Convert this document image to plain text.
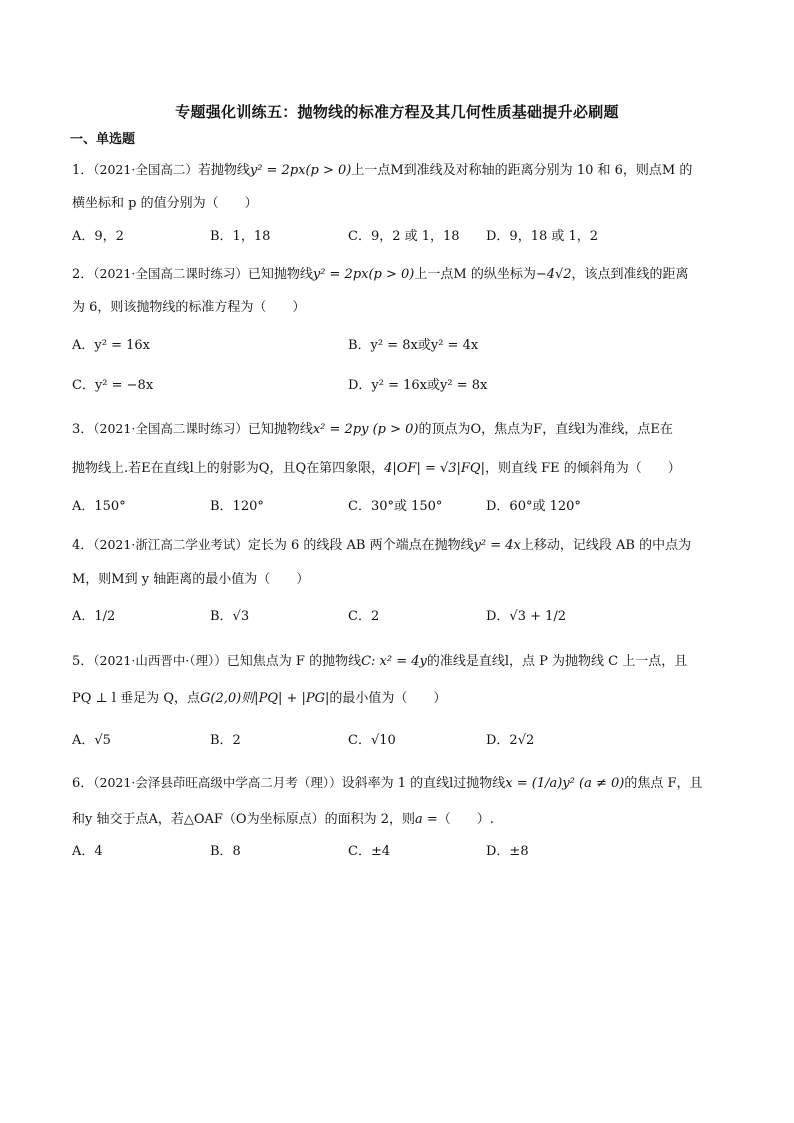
专题强化训练五：抛物线的标准方程及其几何性质基础提升必刷题
一、单选题
1．（2021·全国高二）若抛物线y² = 2px(p > 0)上一点M到准线及对称轴的距离分别为 10 和 6，则点M 的
横坐标和 p 的值分别为（　　）
A．9，2	B．1，18	C．9，2 或 1，18 D．9，18 或 1，2
2．（2021·全国高二课时练习）已知抛物线y² = 2px(p > 0)上一点M 的纵坐标为−4√2，该点到准线的距离
为 6，则该抛物线的标准方程为（　　）
A．y² = 16x	B．y² = 8x或y² = 4x
C．y² = −8x	D．y² = 16x或y² = 8x
3．（2021·全国高二课时练习）已知抛物线x² = 2py (p > 0)的顶点为O，焦点为F，直线l为准线，点E在
抛物线上.若E在直线l上的射影为Q，且Q在第四象限，4|OF| = √3|FQ|，则直线 FE 的倾斜角为（　　）
A．150°	B．120°	C．30°或 150°	D．60°或 120°
4．（2021·浙江高二学业考试）定长为 6 的线段 AB 两个端点在抛物线y² = 4x上移动，记线段 AB 的中点为
M，则M到 y 轴距离的最小值为（　　）
A．1/2	B．√3	C．2	D．√3 + 1/2
5．（2021·山西晋中·（理））已知焦点为 F 的抛物线C: x² = 4y的准线是直线l，点 P 为抛物线 C 上一点，且
PQ ⊥ l 垂足为 Q，点G(2,0)则|PQ| + |PG|的最小值为（　　）
A．√5	B．2	C．√10	D．2√2
6．（2021·会泽县茚旺高级中学高二月考（理））设斜率为 1 的直线l过抛物线x = (1/a)y² (a ≠ 0)的焦点 F，且
和y 轴交于点A，若△OAF（O为坐标原点）的面积为 2，则a =（　　）.
A．4	B．8	C．±4	D．±8
